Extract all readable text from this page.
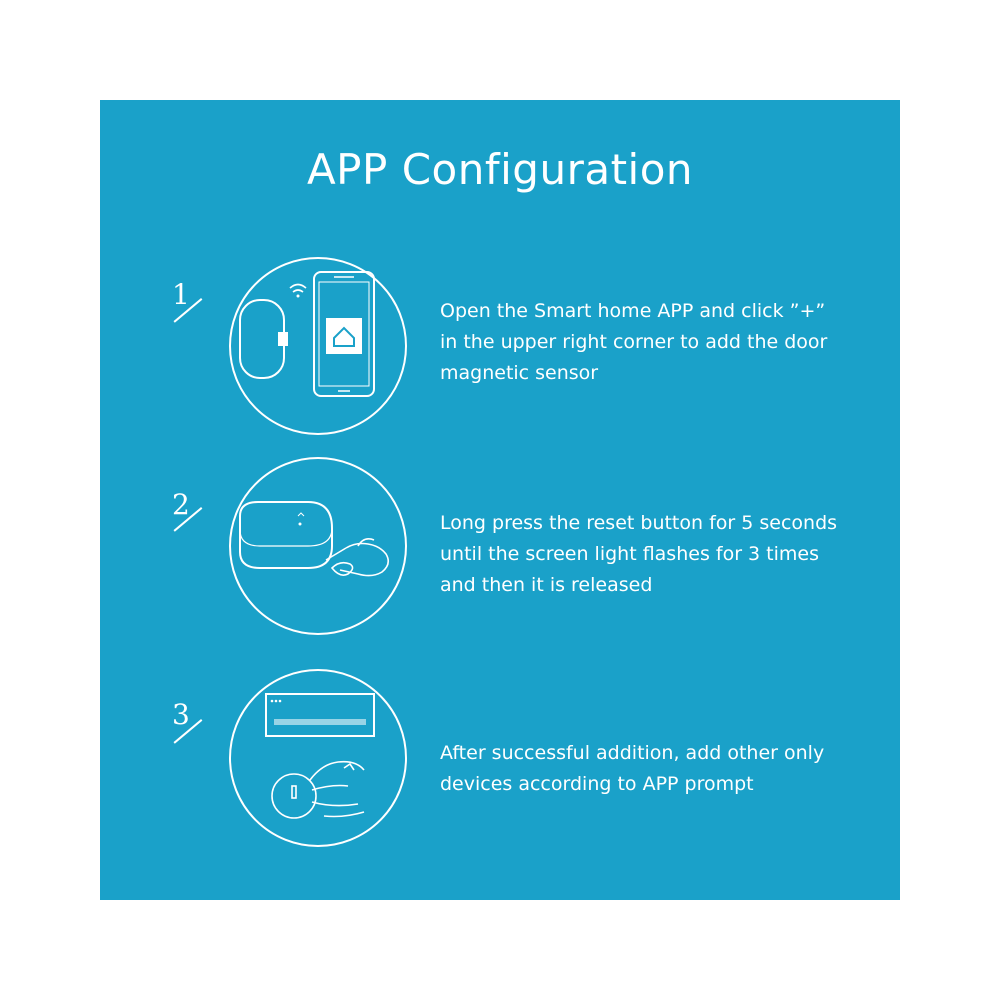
APP Configuration
1	Open the Smart home APP and click ”+”
in the upper right corner to add the door
magnetic sensor
2
Long press the reset button for 5 seconds
until the screen light flashes for 3 times
and then it is released
3
After successful addition, add other only
devices according to APP prompt
